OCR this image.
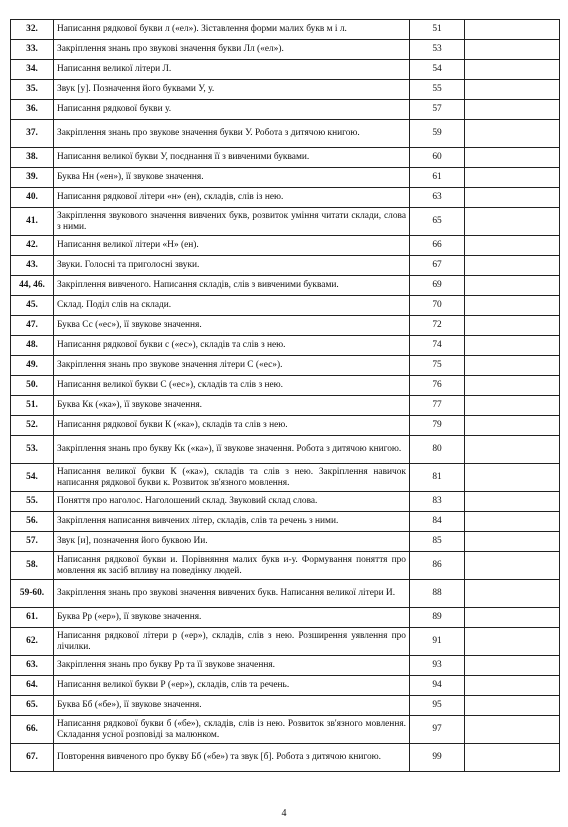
32.	Написання рядкової букви л («ел»). Зіставлення форми малих букв м і л.	51	
33.	Закріплення знань про звукові значення букви Лл («ел»).	53	
34.	Написання великої літери Л.	54	
35.	Звук [у]. Позначення його буквами У, у.	55	
36.	Написання рядкової букви у.	57	
37.	Закріплення знань про звукове значення букви У. Робота з дитячою книгою.	59	
38.	Написання великої букви У, поєднання її з вивченими буквами.	60	
39.	Буква Нн («ен»), її звукове значення.	61	
40.	Написання рядкової літери «н» (ен), складів, слів із нею.	63	
41.	Закріплення звукового значення вивчених букв, розвиток уміння читати склади, слова з ними.	65	
42.	Написання великої літери «Н» (ен).	66	
43.	Звуки. Голосні та приголосні звуки.	67	
44, 46.	Закріплення вивченого. Написання складів, слів з вивченими буквами.	69	
45.	Склад. Поділ слів на склади.	70	
47.	Буква Сс («ес»), її звукове значення.	72	
48.	Написання рядкової букви с («ес»), складів та слів з нею.	74	
49.	Закріплення знань про звукове значення літери С («ес»).	75	
50.	Написання великої букви С («ес»), складів та слів з нею.	76	
51.	Буква Кк («ка»), її звукове значення.	77	
52.	Написання рядкової букви К («ка»), складів та слів з нею.	79	
53.	Закріплення знань про букву Кк («ка»), її звукове значення. Робота з дитячою книгою.	80	
54.	Написання великої букви К («ка»), складів та слів з нею. Закріплення навичок написання рядкової букви к. Розвиток зв'язного мовлення.	81	
55.	Поняття про наголос. Наголошений склад. Звуковий склад слова.	83	
56.	Закріплення написання вивчених літер, складів, слів та речень з ними.	84	
57.	Звук [и], позначення його буквою Ии.	85	
58.	Написання рядкової букви и. Порівняння малих букв и-у. Формування поняття про мовлення як засіб впливу на поведінку людей.	86	
59-60.	Закріплення знань про звукові значення вивчених букв. Написання великої літери И.	88	
61.	Буква Рр («ер»), її звукове значення.	89	
62.	Написання рядкової літери р («ер»), складів, слів з нею. Розширення уявлення про лічилки.	91	
63.	Закріплення знань про букву Рр та її звукове значення.	93	
64.	Написання великої букви Р («ер»), складів, слів та речень.	94	
65.	Буква Бб («бе»), її звукове значення.	95	
66.	Написання рядкової букви б («бе»), складів, слів із нею. Розвиток зв'язного мовлення. Складання усної розповіді за малюнком.	97	
67.	Повторення вивченого про букву Бб («бе») та звук [б]. Робота з дитячою книгою.	99	
4
